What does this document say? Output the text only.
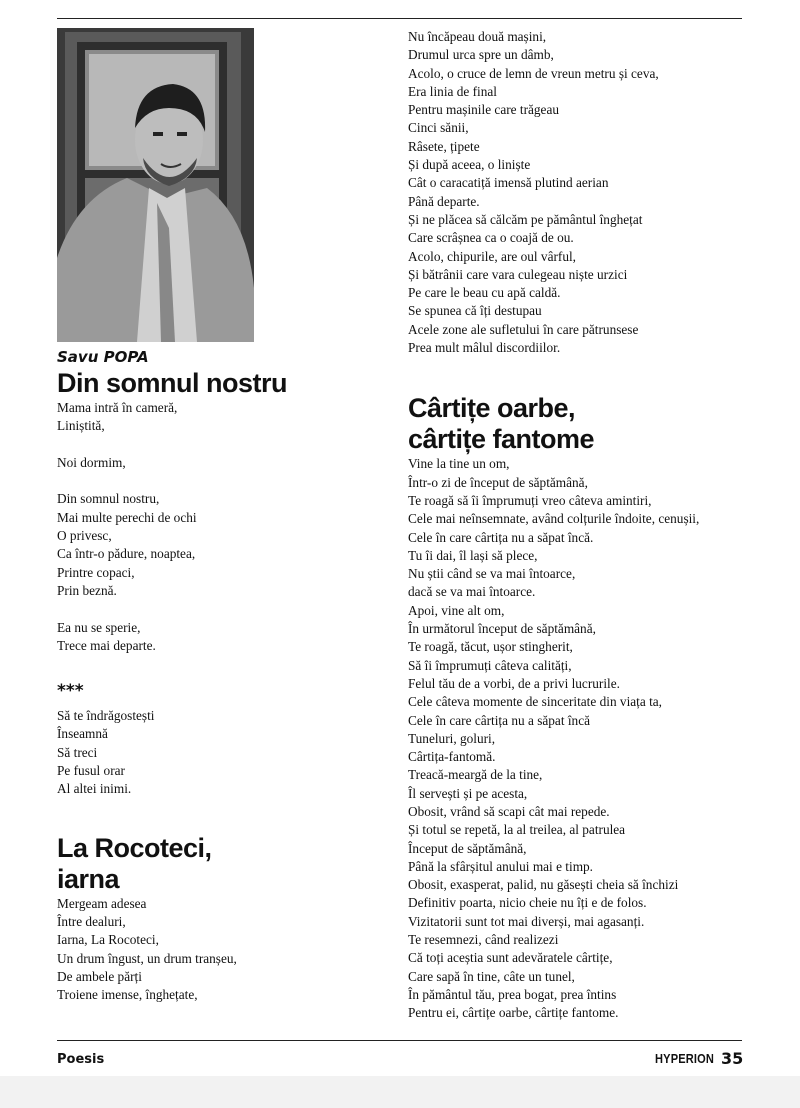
Savu POPA
Din somnul nostru
Mama intră în cameră,
Liniștită,
Noi dormim,
Din somnul nostru,
Mai multe perechi de ochi
O privesc,
Ca într-o pădure, noaptea,
Printre copaci,
Prin beznă.
Ea nu se sperie,
Trece mai departe.
***
Să te îndrăgostești
Înseamnă
Să treci
Pe fusul orar
Al altei inimi.
La Rocoteci,
iarna
Mergeam adesea
Între dealuri,
Iarna, La Rocoteci,
Un drum îngust, un drum tranșeu,
De ambele părți
Troiene imense, înghețate,
Nu încăpeau două mașini,
Drumul urca spre un dâmb,
Acolo, o cruce de lemn de vreun metru și ceva,
Era linia de final
Pentru mașinile care trăgeau
Cinci sănii,
Râsete, țipete
Și după aceea, o liniște
Cât o caracatiță imensă plutind aerian
Până departe.
Și ne plăcea să călcăm pe pământul înghețat
Care scrâșnea ca o coajă de ou.
Acolo, chipurile, are oul vârful,
Și bătrânii care vara culegeau niște urzici
Pe care le beau cu apă caldă.
Se spunea că îți destupau
Acele zone ale sufletului în care pătrunsese
Prea mult mâlul discordiilor.
Cârtițe oarbe,
cârtițe fantome
Vine la tine un om,
Într-o zi de început de săptămână,
Te roagă să îi împrumuți vreo câteva amintiri,
Cele mai neînsemnate, având colțurile îndoite, cenușii,
Cele în care cârtița nu a săpat încă.
Tu îi dai, îl lași să plece,
Nu știi când se va mai întoarce,
dacă se va mai întoarce.
Apoi, vine alt om,
În următorul început de săptămână,
Te roagă, tăcut, ușor stingherit,
Să îi împrumuți câteva calități,
Felul tău de a vorbi, de a privi lucrurile.
Cele câteva momente de sinceritate din viața ta,
Cele în care cârtița nu a săpat încă
Tuneluri, goluri,
Cârtița-fantomă.
Treacă-meargă de la tine,
Îl servești și pe acesta,
Obosit, vrând să scapi cât mai repede.
Și totul se repetă, la al treilea, al patrulea
Început de săptămână,
Până la sfârșitul anului mai e timp.
Obosit, exasperat, palid, nu găsești cheia să închizi
Definitiv poarta, nicio cheie nu îți e de folos.
Vizitatorii sunt tot mai diverși, mai agasanți.
Te resemnezi, când realizezi
Că toți aceștia sunt adevăratele cârtițe,
Care sapă în tine, câte un tunel,
În pământul tău, prea bogat, prea întins
Pentru ei, cârtițe oarbe, cârtițe fantome.
Poesis	HYPERION 35
